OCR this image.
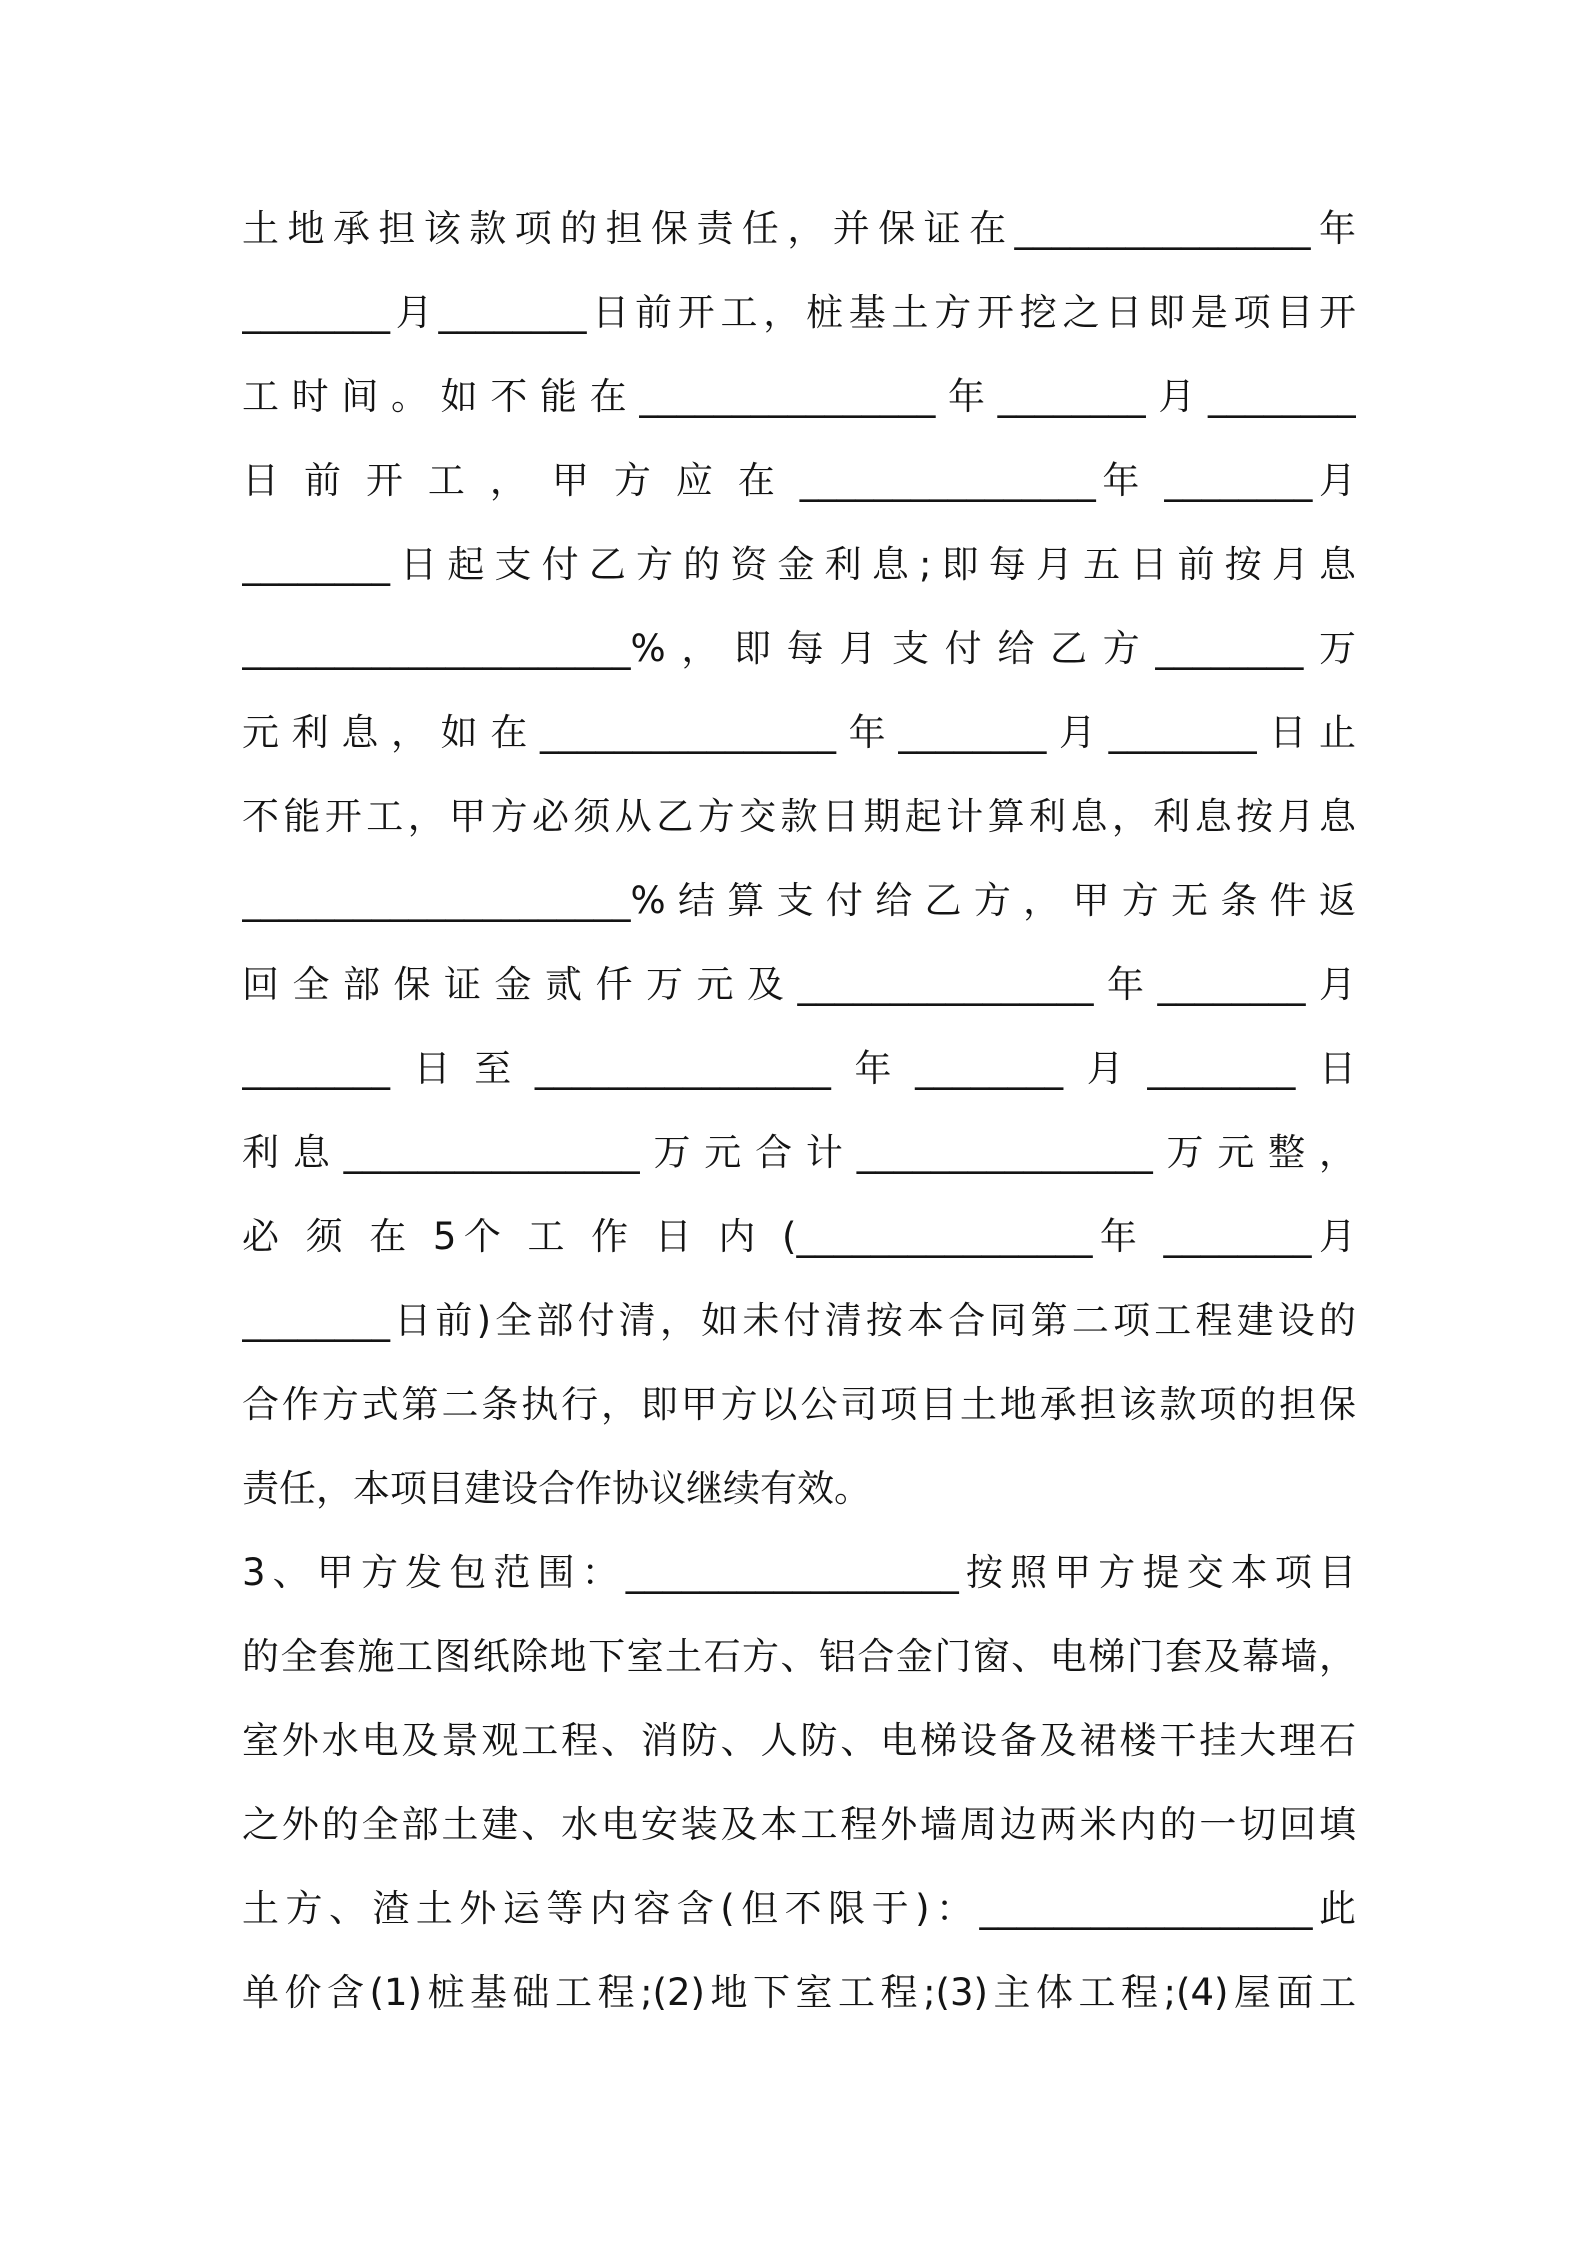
土地承担该款项的担保责任，并保证在________________年
________月________日前开工，桩基土方开挖之日即是项目开
工时间。如不能在________________年________月________
日 前 开 工 ， 甲 方 应 在 ________________年 ________月
________日起支付乙方的资金利息;即每月五日前按月息
_____________________%，即每月支付给乙方________万
元利息，如在________________年________月________日止
不能开工，甲方必须从乙方交款日期起计算利息，利息按月息
_____________________%结算支付给乙方，甲方无条件返
回全部保证金贰仟万元及________________年________月
________日至________________年________月________日
利息________________万元合计________________万元整，
必 须 在 5个 工 作 日 内 (________________年 ________月
________日前)全部付清，如未付清按本合同第二项工程建设的
合作方式第二条执行，即甲方以公司项目土地承担该款项的担保
责任，本项目建设合作协议继续有效。
3、甲方发包范围：__________________按照甲方提交本项目
的全套施工图纸除地下室土石方、铝合金门窗、电梯门套及幕墙，
室外水电及景观工程、消防、人防、电梯设备及裙楼干挂大理石
之外的全部土建、水电安装及本工程外墙周边两米内的一切回填
土方、渣土外运等内容含(但不限于)：__________________此
单价含(1)桩基础工程;(2)地下室工程;(3)主体工程;(4)屋面工
